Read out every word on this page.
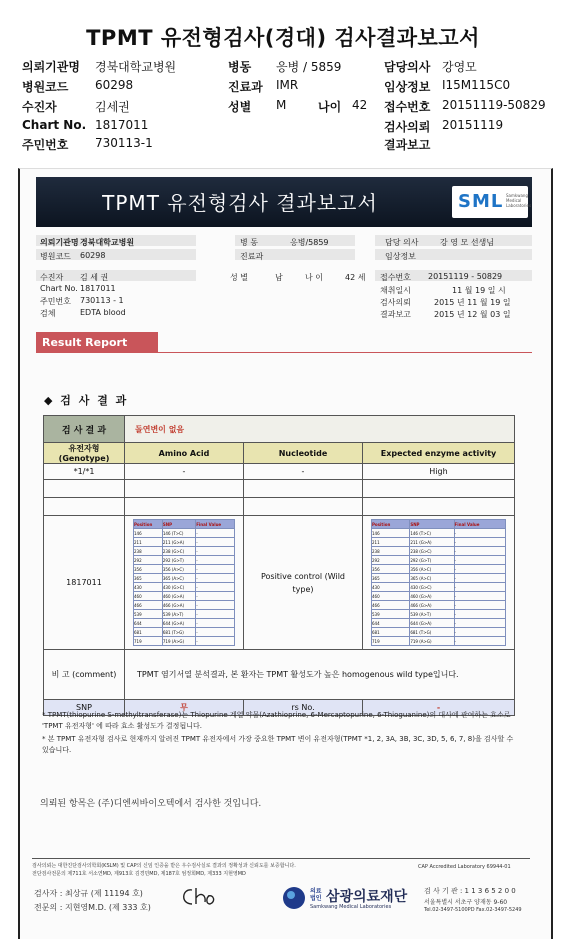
TPMT 유전형검사(경대) 검사결과보고서
의뢰기관명 경북대학교병원	병동 응병 / 5859	담당의사 강영모
병원코드 60298	진료과 IMR	임상정보 I15M115C0
수진자	김세권	성별 M	나이 42 접수번호 20151119-50829
Chart No. 1817011	검사의뢰 20151119
주민번호 730113-1	결과보고
TPMT 유전형검사 결과보고서	SML Samkwang Medical Laboratories
의뢰기관명 경북대학교병원
병원코드 60298
병 동	응병/5859
진료과
담당 의사	강 영 모 선생님
임상정보
수진자 김 세 권
Chart No. 1817011
주민번호 730113 - 1
검체	EDTA blood
성 별	남	나 이	42 세 접수번호 20151119 - 50829
채취일시	11 월 19 일 시
검사의뢰	2015 년 11 월 19 일
결과보고	2015 년 12 월 03 일
Result Report
◆ 검 사 결 과
검 사 결 과	돌연변이 없음
유전자형(Genotype)	Amino Acid	Nucleotide	Expected enzyme activity
*1/*1	-	-	High

1817011	
Position	SNP	Final Value
146	146 (T>C)	-
211	211 (G>A)	-
238	238 (G>C)	-
292	292 (G>T)	-
356	356 (A>C)	-
365	365 (A>C)	-
430	430 (G>C)	-
460	460 (G>A)	-
466	466 (G>A)	-
539	539 (A>T)	-
644	644 (G>A)	-
681	681 (T>G)	-
719	719 (A>G)	-
	Positive control (Wild type)	
Position	SNP	Final Value
146	146 (T>C)	-
211	211 (G>A)	-
238	238 (G>C)	-
292	292 (G>T)	-
356	356 (A>C)	-
365	365 (A>C)	-
430	430 (G>C)	-
460	460 (G>A)	-
466	466 (G>A)	-
539	539 (A>T)	-
644	644 (G>A)	-
681	681 (T>G)	-
719	719 (A>G)	-

비 고 (comment)	TPMT 염기서열 분석결과, 본 환자는 TPMT 활성도가 높은 homogenous wild type입니다.
SNP	무	rs No.	-
* TPMT(thiopurine S-methyltransferase)는 Thiopurine 계열 약물(Azathioprine, 6-Mercaptopurine, 6-Thioguanine)의 대사에 관여하는 효소로 'TPMT 유전자형' 에 따라 효소 활성도가 결정됩니다.
* 본 TPMT 유전자형 검사로 현재까지 알려진 TPMT 유전자에서 가장 중요한 TPMT 변이 유전자형(TPMT *1, 2, 3A, 3B, 3C, 3D, 5, 6, 7, 8)을 검사할 수 있습니다.
의뢰된 항목은 (주)디엔씨바이오텍에서 검사한 것입니다.
검사의뢰는 대한진단검사의학회(KSLM) 및 CAP의 신임 인증을 받은 우수검사실로 결과의 정확성과 신뢰도를 보증합니다.
전단검사전문의 제711호 서소연MD, 제913호 김경민MD, 제187호 엄정희MD, 제333 지현영MD
CAP Accredited Laboratory 69944-01
검사자 : 최상규 (제 11194 호)
전문의 : 지현영M.D. (제 333 호)
의료법인 삼광의료재단
Samkwang Medical Laboratories
검 사 기 관 : 1 1 3 6 5 2 0 0
서울특별시 서초구 양재동 9-60
Tel.02-3497-5100PD Fax.02-3497-5249
